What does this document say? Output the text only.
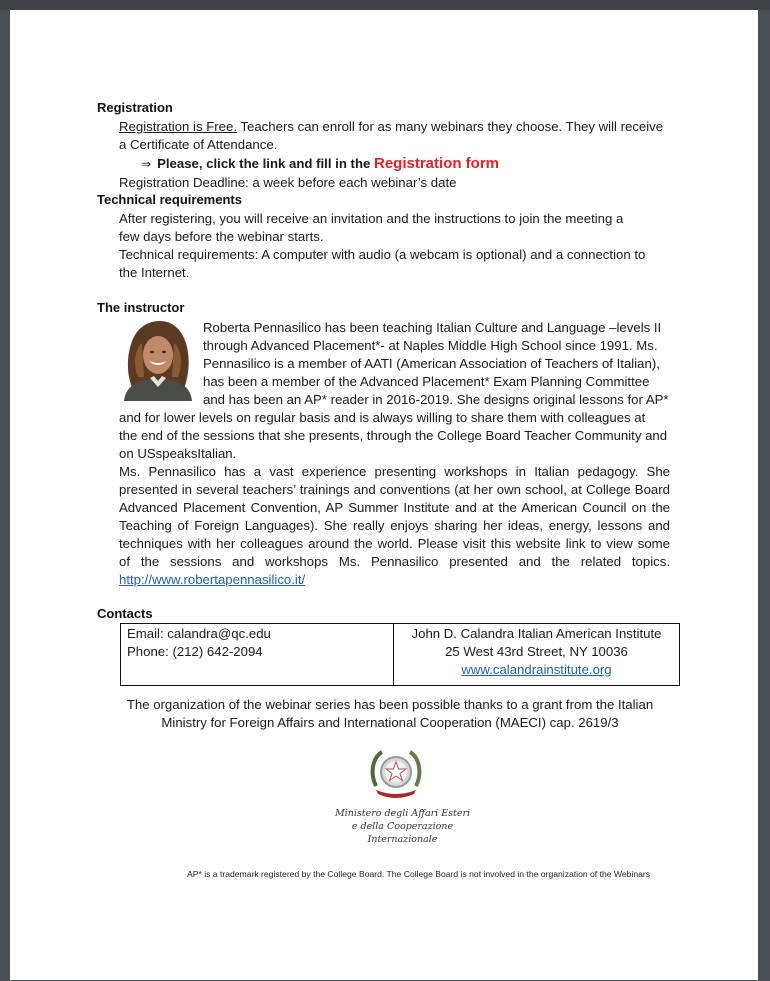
Registration
Registration is Free. Teachers can enroll for as many webinars they choose. They will receive
a Certificate of Attendance.
⇒ Please, click the link and fill in the Registration form
Registration Deadline: a week before each webinar’s date
Technical requirements
After registering, you will receive an invitation and the instructions to join the meeting a
few days before the webinar starts.
Technical requirements: A computer with audio (a webcam is optional) and a connection to
the Internet.
The instructor
Roberta Pennasilico has been teaching Italian Culture and Language –levels II
through Advanced Placement*- at Naples Middle High School since 1991. Ms.
Pennasilico is a member of AATI (American Association of Teachers of Italian),
has been a member of the Advanced Placement* Exam Planning Committee
and has been an AP* reader in 2016-2019. She designs original lessons for AP*
and for lower levels on regular basis and is always willing to share them with colleagues at
the end of the sessions that she presents, through the College Board Teacher Community and
on USspeaksItalian.
Ms. Pennasilico has a vast experience presenting workshops in Italian pedagogy. She
presented in several teachers’ trainings and conventions (at her own school, at College Board
Advanced Placement Convention, AP Summer Institute and at the American Council on the
Teaching of Foreign Languages). She really enjoys sharing her ideas, energy, lessons and
techniques with her colleagues around the world. Please visit this website link to view some
of the sessions and workshops Ms. Pennasilico presented and the related topics.
http://www.robertapennasilico.it/
Contacts
Email: calandra@qc.edu
Phone: (212) 642-2094
John D. Calandra Italian American Institute
25 West 43rd Street, NY 10036
www.calandrainstitute.org
The organization of the webinar series has been possible thanks to a grant from the Italian
Ministry for Foreign Affairs and International Cooperation (MAECI) cap. 2619/3
Ministero degli Affari Esteri
e della Cooperazione Internazionale
AP* is a trademark registered by the College Board. The College Board is not involved in the organization of the Webinars
